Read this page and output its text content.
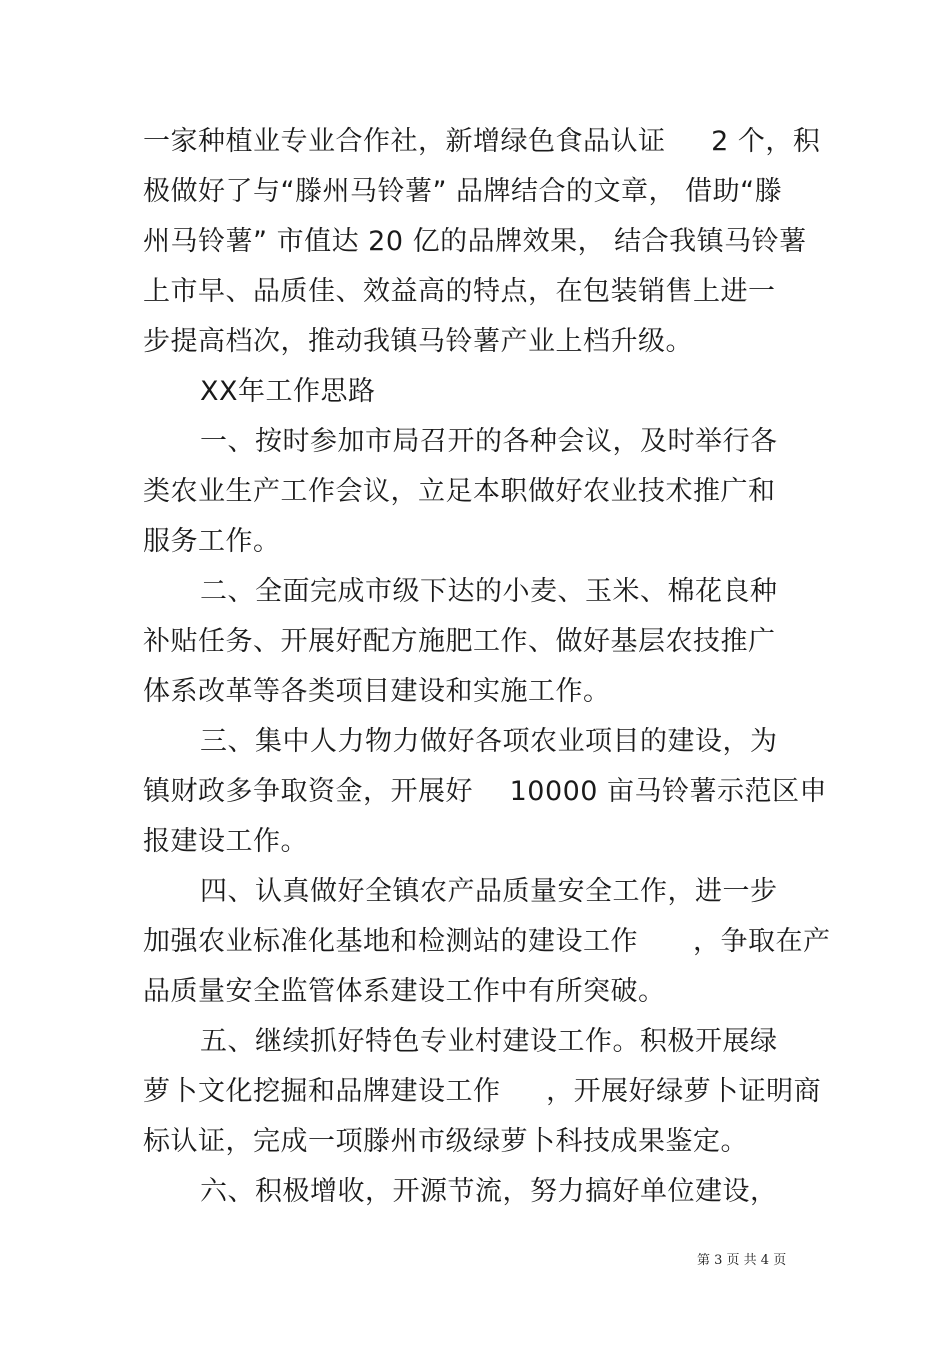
一家种植业专业合作社，新增绿色食品认证　  2 个，积
极做好了与“滕州马铃薯” 品牌结合的文章， 借助“滕
州马铃薯” 市值达 20 亿的品牌效果， 结合我镇马铃薯
上市早、品质佳、效益高的特点，在包装销售上进一
步提高档次，推动我镇马铃薯产业上档升级。
XX年工作思路
一、按时参加市局召开的各种会议，及时举行各
类农业生产工作会议，立足本职做好农业技术推广和
服务工作。
二、全面完成市级下达的小麦、玉米、棉花良种
补贴任务、开展好配方施肥工作、做好基层农技推广
体系改革等各类项目建设和实施工作。
三、集中人力物力做好各项农业项目的建设，为
镇财政多争取资金，开展好　 10000 亩马铃薯示范区申
报建设工作。
四、认真做好全镇农产品质量安全工作，进一步
加强农业标准化基地和检测站的建设工作　　，争取在产
品质量安全监管体系建设工作中有所突破。
五、继续抓好特色专业村建设工作。积极开展绿
萝卜文化挖掘和品牌建设工作　  ，开展好绿萝卜证明商
标认证，完成一项滕州市级绿萝卜科技成果鉴定。
六、积极增收，开源节流，努力搞好单位建设，
第 3 页 共 4 页
